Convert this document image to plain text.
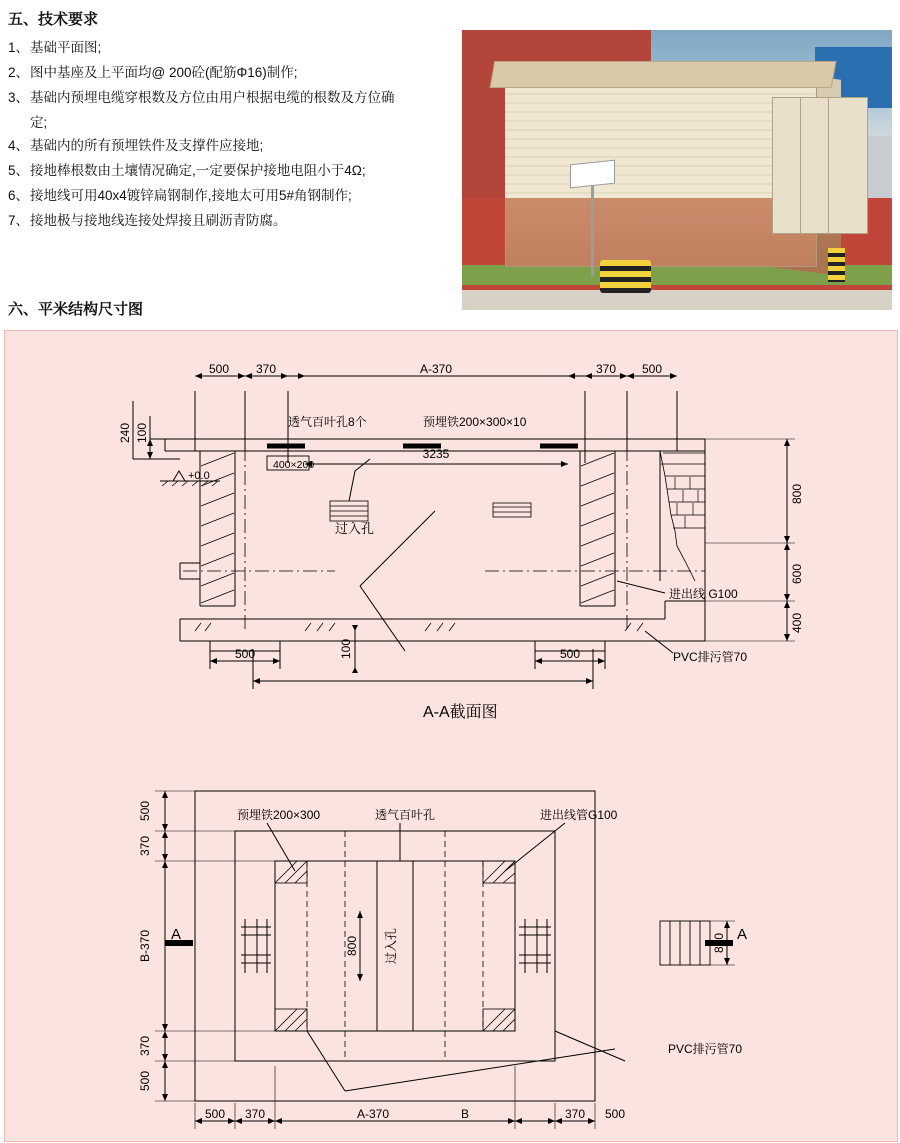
五、技术要求
1、 基础平面图;
2、 图中基座及上平面均@ 200砼(配筋Φ16)制作;
3、 基础内预埋电缆穿根数及方位由用户根据电缆的根数及方位确
定;
4、 基础内的所有预埋铁件及支撑件应接地;
5、 接地棒根数由土壤情况确定,一定要保护接地电阻小于4Ω;
6、 接地线可用40x4镀锌扁钢制作,接地太可用5#角钢制作;
7、 接地极与接地线连接处焊接且刷沥青防腐。
六、平米结构尺寸图
500 370	A-370	370 500
240 100
+0.0
透气百叶孔8个
400×200
预埋铁200×300×10
3235
过入孔
进出线 G100
PVC排污管70
800
600
400
500	100	500
A-A截面图
预埋铁200×300	透气百叶孔	进出线管G100
PVC排污管70
800 过入孔	800
500
370
B-370
370
500
A	A
500 370	A-370	B	370 500
